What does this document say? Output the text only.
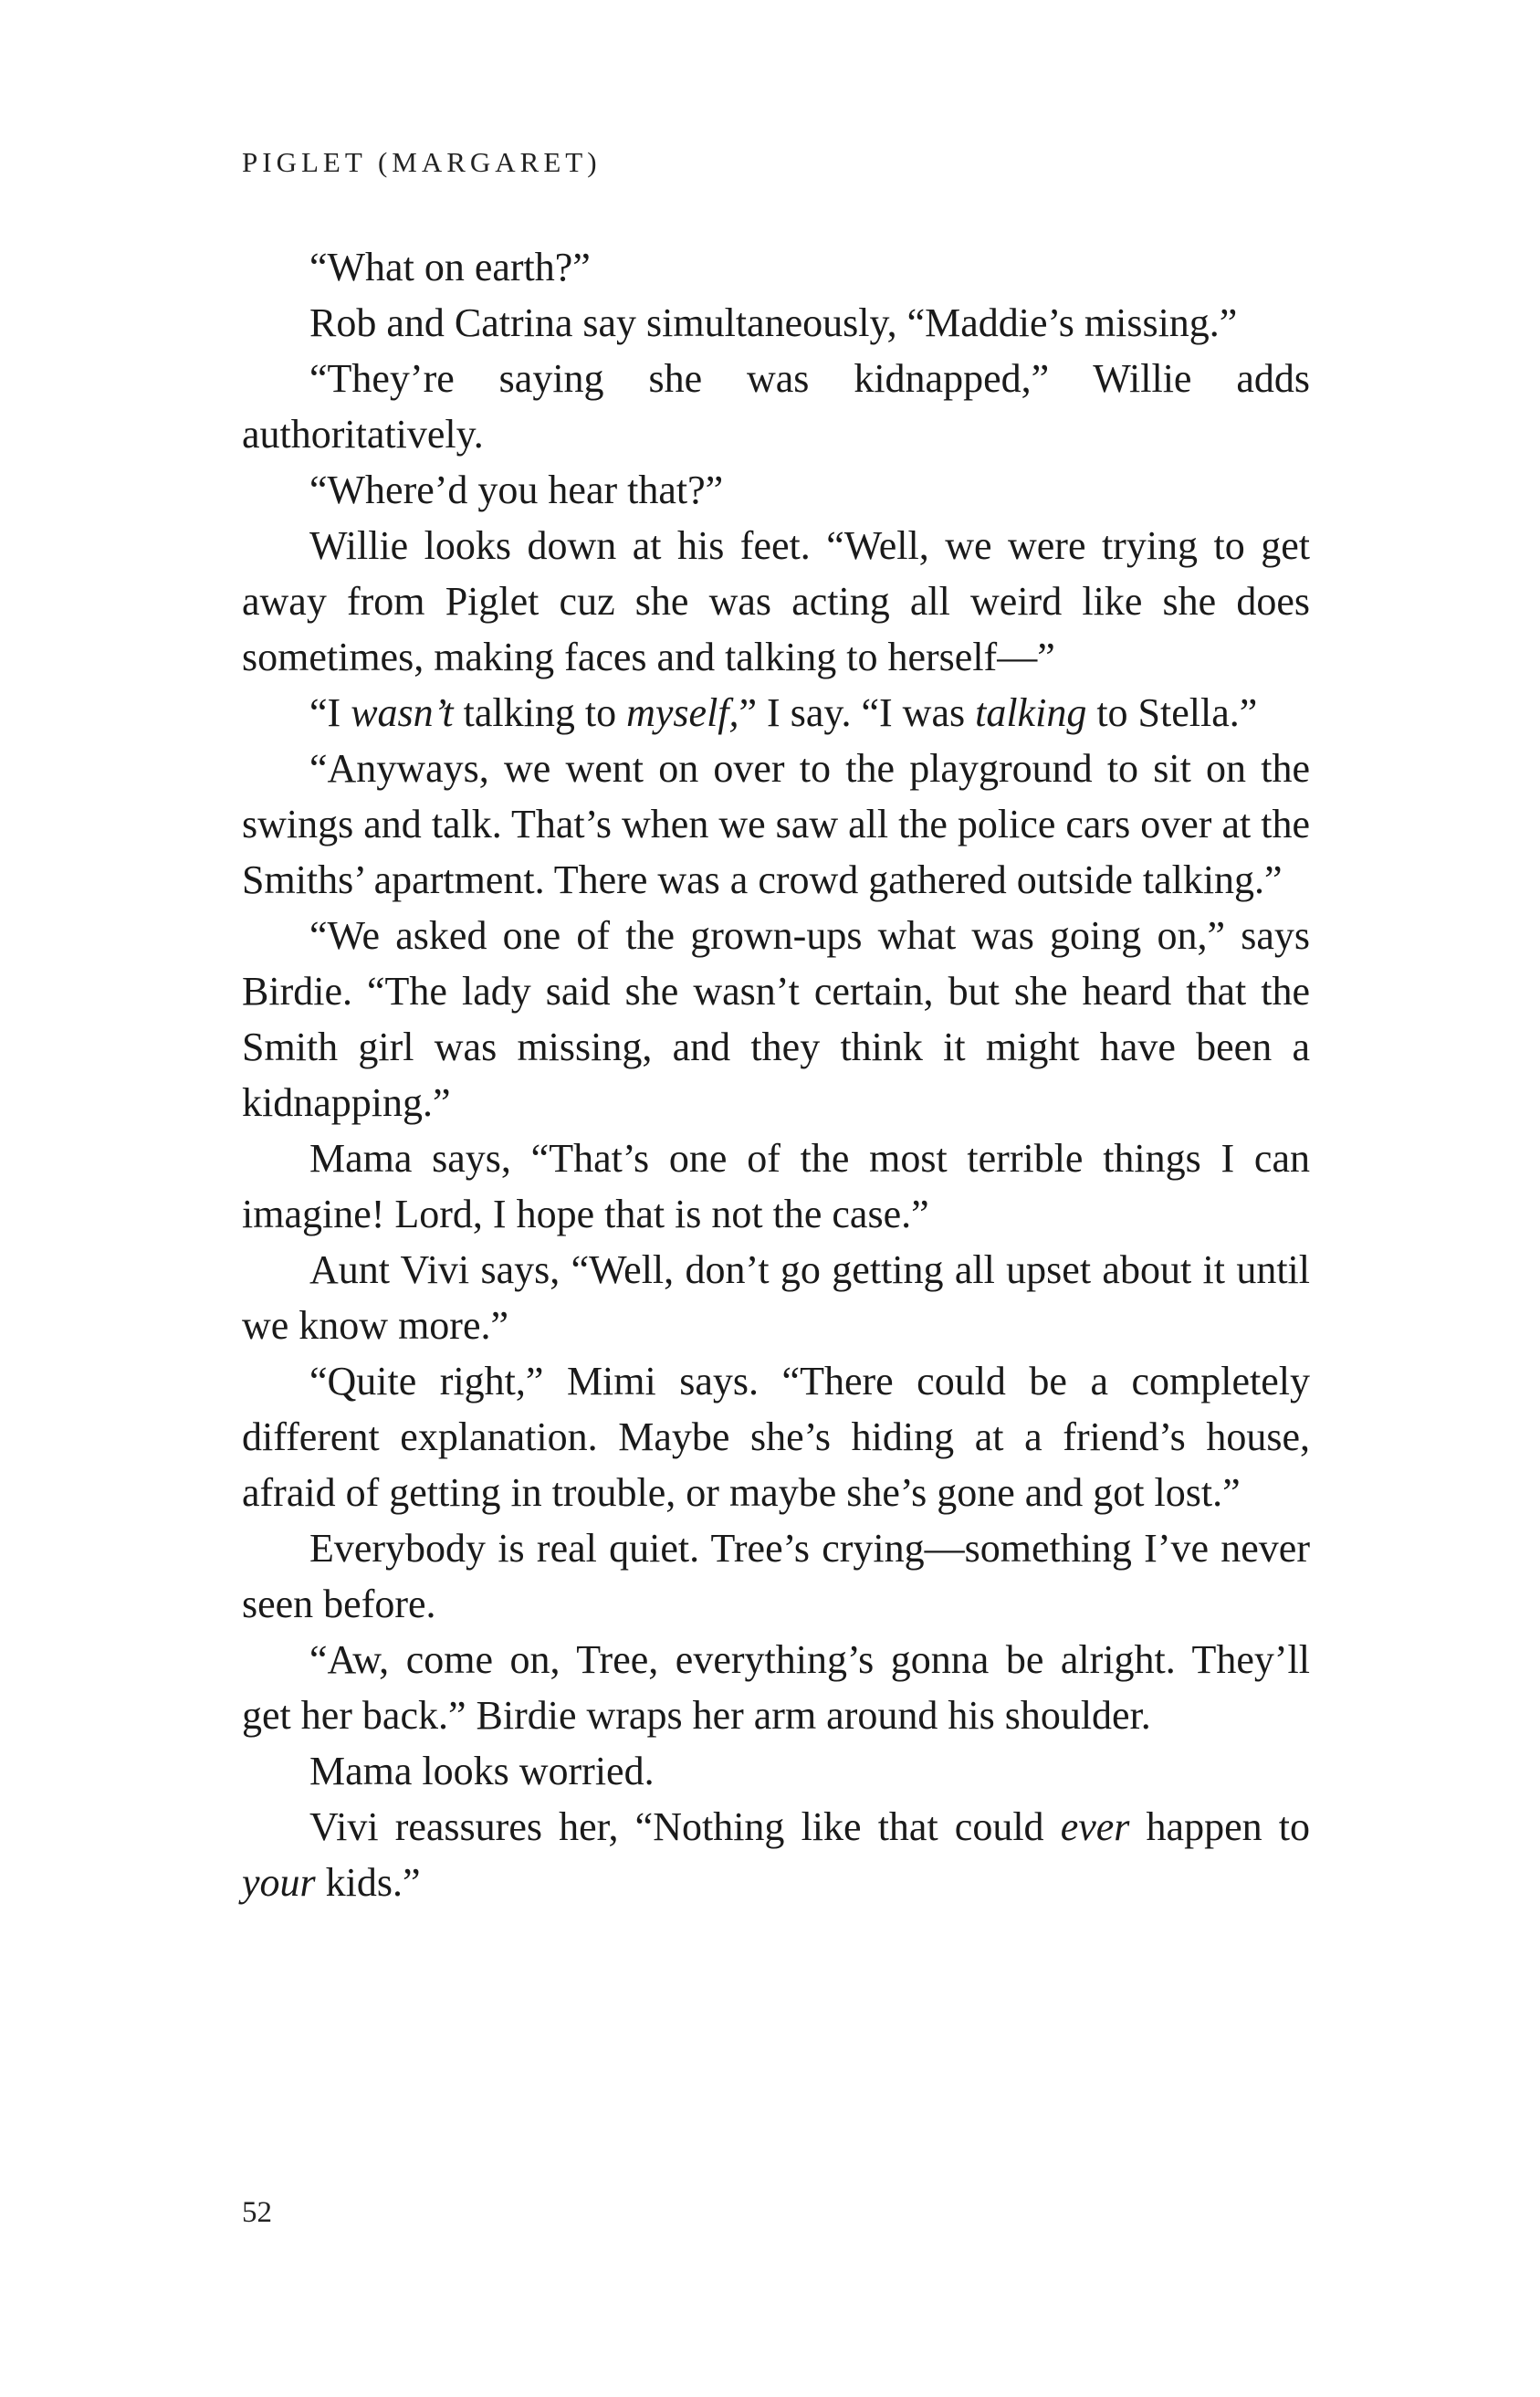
PIGLET (MARGARET)

“What on earth?”

Rob and Catrina say simultaneously, “Maddie’s missing.”

“They’re saying she was kidnapped,” Willie adds authoritatively.

“Where’d you hear that?”

Willie looks down at his feet. “Well, we were trying to get away from Piglet cuz she was acting all weird like she does sometimes, making faces and talking to herself—”

“I wasn’t talking to myself,” I say. “I was talking to Stella.”

“Anyways, we went on over to the playground to sit on the swings and talk. That’s when we saw all the police cars over at the Smiths’ apartment. There was a crowd gathered outside talking.”

“We asked one of the grown-ups what was going on,” says Birdie. “The lady said she wasn’t certain, but she heard that the Smith girl was missing, and they think it might have been a kidnapping.”

Mama says, “That’s one of the most terrible things I can imagine! Lord, I hope that is not the case.”

Aunt Vivi says, “Well, don’t go getting all upset about it until we know more.”

“Quite right,” Mimi says. “There could be a completely different explanation. Maybe she’s hiding at a friend’s house, afraid of getting in trouble, or maybe she’s gone and got lost.”

Everybody is real quiet. Tree’s crying—something I’ve never seen before.

“Aw, come on, Tree, everything’s gonna be alright. They’ll get her back.” Birdie wraps her arm around his shoulder.

Mama looks worried.

Vivi reassures her, “Nothing like that could ever happen to your kids.”

52
